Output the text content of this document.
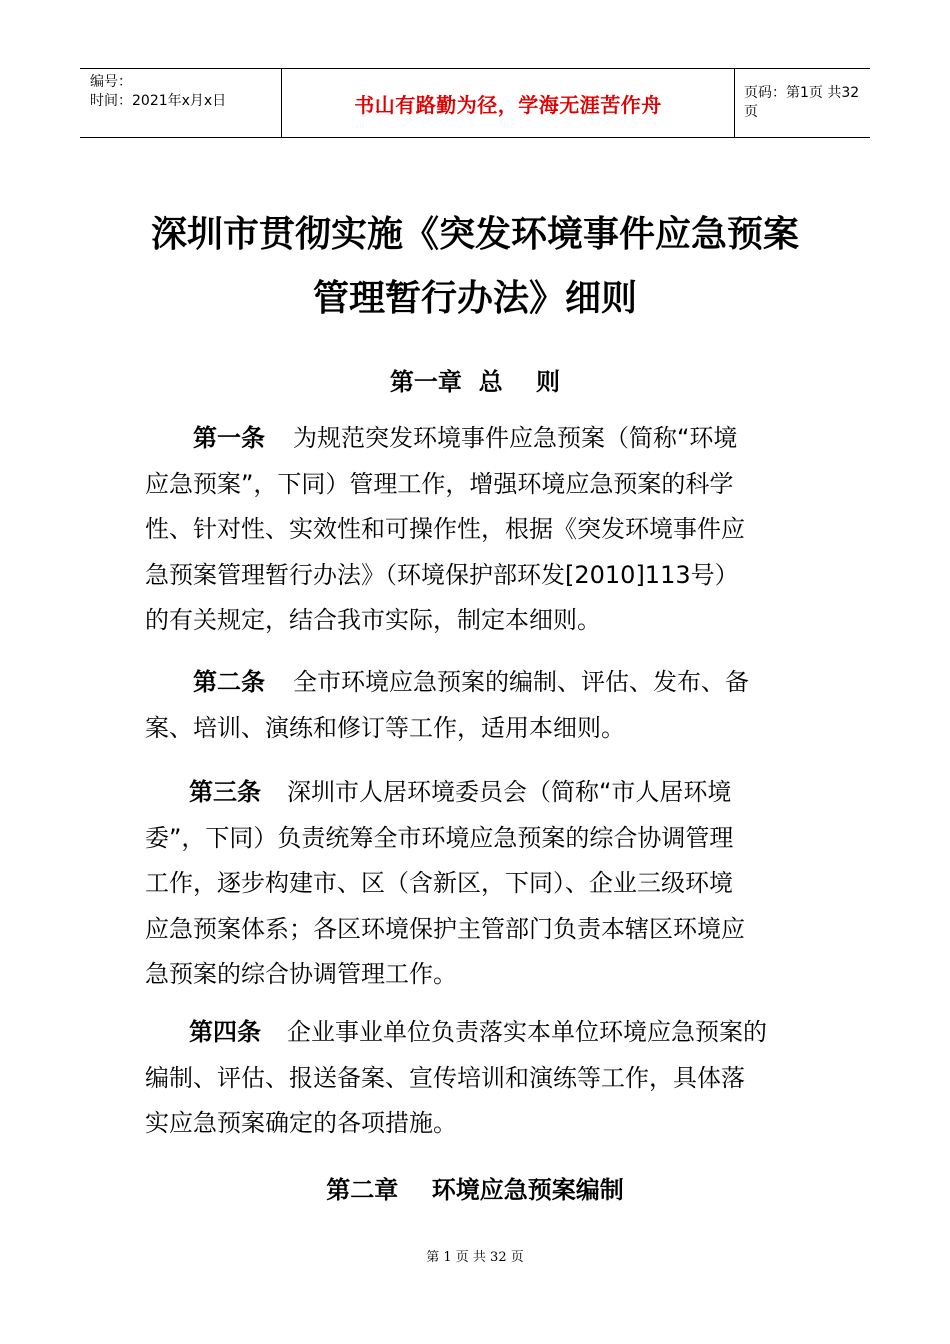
编号：
时间：2021年x月x日	书山有路勤为径，学海无涯苦作舟	页码：第1页 共32页
深圳市贯彻实施《突发环境事件应急预案
管理暂行办法》细则
第一章  总    则

第一条 为规范突发环境事件应急预案（简称“环境

应急预案”，下同）管理工作，增强环境应急预案的科学

性、针对性、实效性和可操作性，根据《突发环境事件应

急预案管理暂行办法》（环境保护部环发[2010]113号）

的有关规定，结合我市实际，制定本细则。

第二条 全市环境应急预案的编制、评估、发布、备

案、培训、演练和修订等工作，适用本细则。

第三条 深圳市人居环境委员会（简称“市人居环境

委”，下同）负责统筹全市环境应急预案的综合协调管理

工作，逐步构建市、区（含新区，下同）、企业三级环境

应急预案体系；各区环境保护主管部门负责本辖区环境应

急预案的综合协调管理工作。

第四条 企业事业单位负责落实本单位环境应急预案的

编制、评估、报送备案、宣传培训和演练等工作，具体落

实应急预案确定的各项措施。

第二章    环境应急预案编制
第 1 页 共 32 页
